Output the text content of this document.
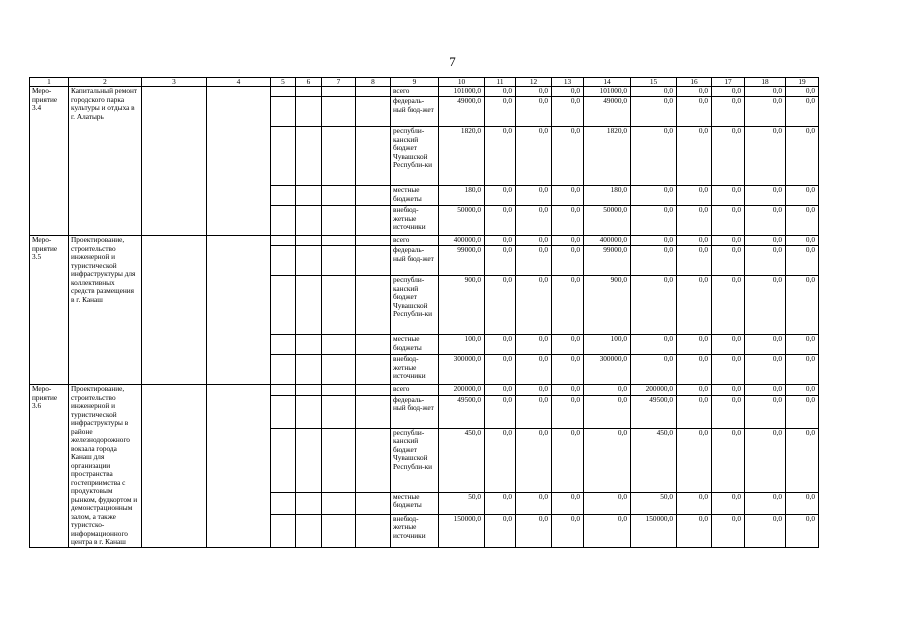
7
1	2	3	4	5	6	7	8	9	10	11	12	13	14	15	16	17	18	19
Меро-приятие 3.4	Капитальный ремонт городского парка культуры и отдыха в г. Алатырь							всего	101000,0	0,0	0,0	0,0	101000,0	0,0	0,0	0,0	0,0	0,0
								федераль-ный бюд-жет	49000,0	0,0	0,0	0,0	49000,0	0,0	0,0	0,0	0,0	0,0
								республи-канский бюджет Чувашской Республи-ки	1820,0	0,0	0,0	0,0	1820,0	0,0	0,0	0,0	0,0	0,0
								местные бюджеты	180,0	0,0	0,0	0,0	180,0	0,0	0,0	0,0	0,0	0,0
								внебюд-жетные источники	50000,0	0,0	0,0	0,0	50000,0	0,0	0,0	0,0	0,0	0,0
Меро-приятие 3.5	Проектирование, строительство инженерной и туристической инфраструктуры для коллективных средств размещения в г. Канаш							всего	400000,0	0,0	0,0	0,0	400000,0	0,0	0,0	0,0	0,0	0,0
								федераль-ный бюд-жет	99000,0	0,0	0,0	0,0	99000,0	0,0	0,0	0,0	0,0	0,0
								республи-канский бюджет Чувашской Республи-ки	900,0	0,0	0,0	0,0	900,0	0,0	0,0	0,0	0,0	0,0
								местные бюджеты	100,0	0,0	0,0	0,0	100,0	0,0	0,0	0,0	0,0	0,0
								внебюд-жетные источники	300000,0	0,0	0,0	0,0	300000,0	0,0	0,0	0,0	0,0	0,0
Меро-приятие 3.6	Проектирование, строительство инженерной и туристической инфраструктуры в районе железнодорожного вокзала города Канаш для организации пространства гостеприимства с продуктовым рынком, фудкортом и демонстрационным залом, а также туристско-информационного центра в г. Канаш							всего	200000,0	0,0	0,0	0,0	0,0	200000,0	0,0	0,0	0,0	0,0
								федераль-ный бюд-жет	49500,0	0,0	0,0	0,0	0,0	49500,0	0,0	0,0	0,0	0,0
								республи-канский бюджет Чувашской Республи-ки	450,0	0,0	0,0	0,0	0,0	450,0	0,0	0,0	0,0	0,0
								местные бюджеты	50,0	0,0	0,0	0,0	0,0	50,0	0,0	0,0	0,0	0,0
								внебюд-жетные источники	150000,0	0,0	0,0	0,0	0,0	150000,0	0,0	0,0	0,0	0,0
